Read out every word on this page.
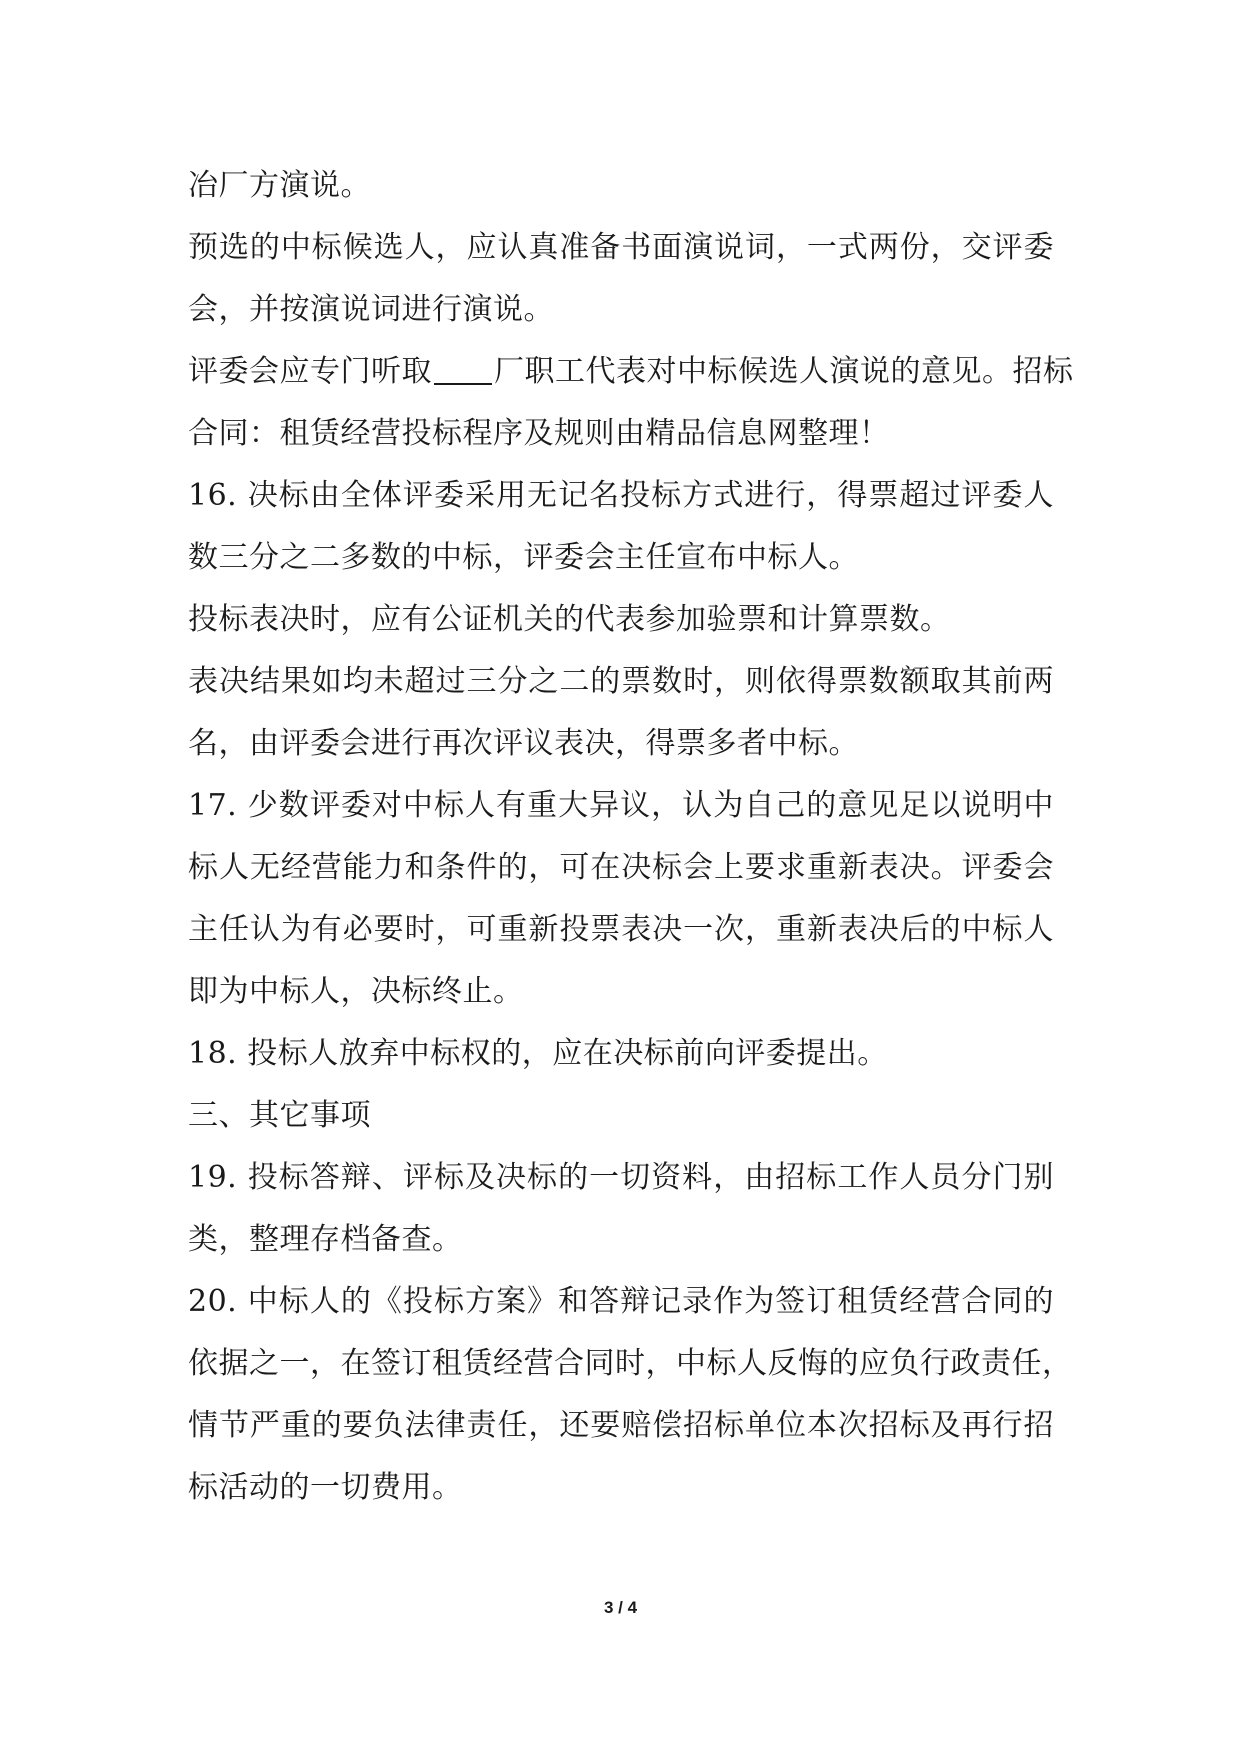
冶厂方演说。
预选的中标候选人，应认真准备书面演说词，一式两份，交评委
会，并按演说词进行演说。
评委会应专门听取 厂职工代表对中标候选人演说的意见。招标
合同：租赁经营投标程序及规则由精品信息网整理！
16. 决标由全体评委采用无记名投标方式进行，得票超过评委人
数三分之二多数的中标，评委会主任宣布中标人。
投标表决时，应有公证机关的代表参加验票和计算票数。
表决结果如均未超过三分之二的票数时，则依得票数额取其前两
名，由评委会进行再次评议表决，得票多者中标。
17. 少数评委对中标人有重大异议，认为自己的意见足以说明中
标人无经营能力和条件的，可在决标会上要求重新表决。评委会
主任认为有必要时，可重新投票表决一次，重新表决后的中标人
即为中标人，决标终止。
18. 投标人放弃中标权的，应在决标前向评委提出。
三、其它事项
19. 投标答辩、评标及决标的一切资料，由招标工作人员分门别
类，整理存档备查。
20. 中标人的《投标方案》和答辩记录作为签订租赁经营合同的
依据之一，在签订租赁经营合同时，中标人反悔的应负行政责任，
情节严重的要负法律责任，还要赔偿招标单位本次招标及再行招
标活动的一切费用。
3 / 4
